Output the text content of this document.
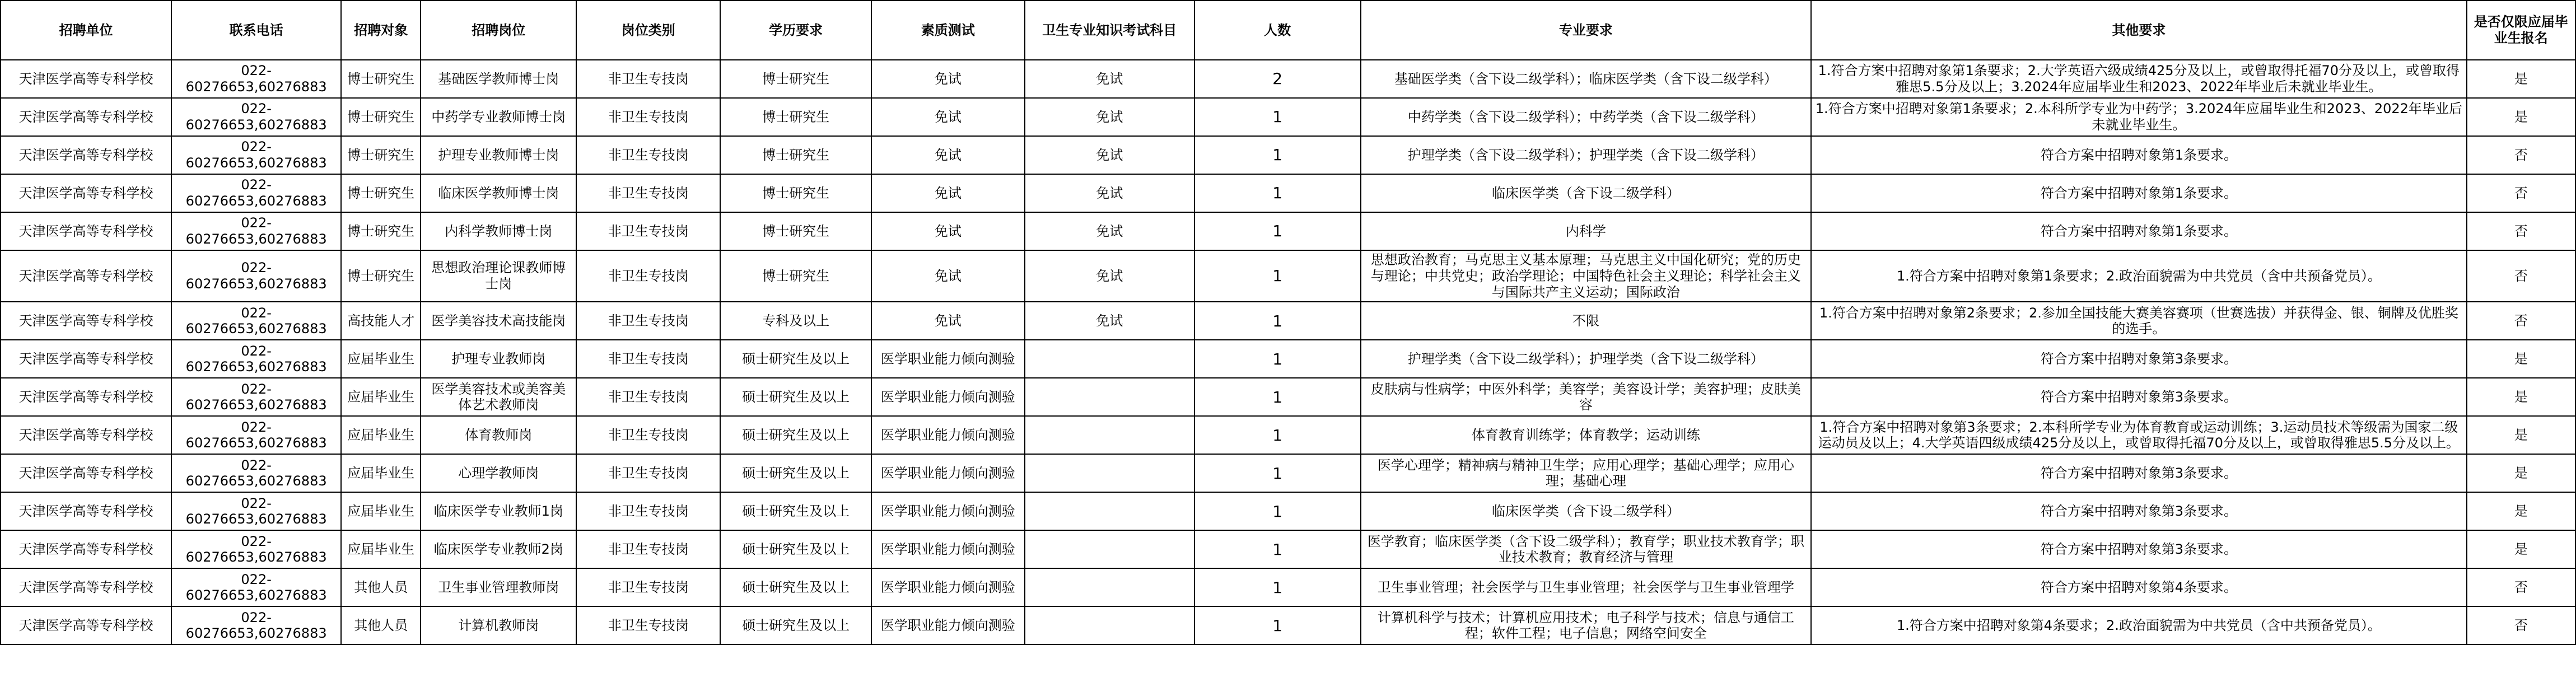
招聘单位	联系电话	招聘对象	招聘岗位	岗位类别	学历要求	素质测试	卫生专业知识考试科目	人数	专业要求	其他要求	是否仅限应届毕业生报名
天津医学高等专科学校	022-60276653,60276883	博士研究生	基础医学教师博士岗	非卫生专技岗	博士研究生	免试	免试	2	基础医学类（含下设二级学科）；临床医学类（含下设二级学科）	1.符合方案中招聘对象第1条要求；2.大学英语六级成绩425分及以上，或曾取得托福70分及以上，或曾取得雅思5.5分及以上；3.2024年应届毕业生和2023、2022年毕业后未就业毕业生。	是
天津医学高等专科学校	022-60276653,60276883	博士研究生	中药学专业教师博士岗	非卫生专技岗	博士研究生	免试	免试	1	中药学类（含下设二级学科）；中药学类（含下设二级学科）	1.符合方案中招聘对象第1条要求；2.本科所学专业为中药学；3.2024年应届毕业生和2023、2022年毕业后未就业毕业生。	是
天津医学高等专科学校	022-60276653,60276883	博士研究生	护理专业教师博士岗	非卫生专技岗	博士研究生	免试	免试	1	护理学类（含下设二级学科）；护理学类（含下设二级学科）	符合方案中招聘对象第1条要求。	否
天津医学高等专科学校	022-60276653,60276883	博士研究生	临床医学教师博士岗	非卫生专技岗	博士研究生	免试	免试	1	临床医学类（含下设二级学科）	符合方案中招聘对象第1条要求。	否
天津医学高等专科学校	022-60276653,60276883	博士研究生	内科学教师博士岗	非卫生专技岗	博士研究生	免试	免试	1	内科学	符合方案中招聘对象第1条要求。	否
天津医学高等专科学校	022-60276653,60276883	博士研究生	思想政治理论课教师博士岗	非卫生专技岗	博士研究生	免试	免试	1	思想政治教育；马克思主义基本原理；马克思主义中国化研究；党的历史与理论；中共党史；政治学理论；中国特色社会主义理论；科学社会主义与国际共产主义运动；国际政治	1.符合方案中招聘对象第1条要求；2.政治面貌需为中共党员（含中共预备党员）。	否
天津医学高等专科学校	022-60276653,60276883	高技能人才	医学美容技术高技能岗	非卫生专技岗	专科及以上	免试	免试	1	不限	1.符合方案中招聘对象第2条要求；2.参加全国技能大赛美容赛项（世赛选拔）并获得金、银、铜牌及优胜奖的选手。	否
天津医学高等专科学校	022-60276653,60276883	应届毕业生	护理专业教师岗	非卫生专技岗	硕士研究生及以上	医学职业能力倾向测验		1	护理学类（含下设二级学科）；护理学类（含下设二级学科）	符合方案中招聘对象第3条要求。	是
天津医学高等专科学校	022-60276653,60276883	应届毕业生	医学美容技术或美容美体艺术教师岗	非卫生专技岗	硕士研究生及以上	医学职业能力倾向测验		1	皮肤病与性病学；中医外科学；美容学；美容设计学；美容护理；皮肤美容	符合方案中招聘对象第3条要求。	是
天津医学高等专科学校	022-60276653,60276883	应届毕业生	体育教师岗	非卫生专技岗	硕士研究生及以上	医学职业能力倾向测验		1	体育教育训练学；体育教学；运动训练	1.符合方案中招聘对象第3条要求；2.本科所学专业为体育教育或运动训练；3.运动员技术等级需为国家二级运动员及以上；4.大学英语四级成绩425分及以上，或曾取得托福70分及以上，或曾取得雅思5.5分及以上。	是
天津医学高等专科学校	022-60276653,60276883	应届毕业生	心理学教师岗	非卫生专技岗	硕士研究生及以上	医学职业能力倾向测验		1	医学心理学；精神病与精神卫生学；应用心理学；基础心理学；应用心理；基础心理	符合方案中招聘对象第3条要求。	是
天津医学高等专科学校	022-60276653,60276883	应届毕业生	临床医学专业教师1岗	非卫生专技岗	硕士研究生及以上	医学职业能力倾向测验		1	临床医学类（含下设二级学科）	符合方案中招聘对象第3条要求。	是
天津医学高等专科学校	022-60276653,60276883	应届毕业生	临床医学专业教师2岗	非卫生专技岗	硕士研究生及以上	医学职业能力倾向测验		1	医学教育；临床医学类（含下设二级学科）；教育学；职业技术教育学；职业技术教育；教育经济与管理	符合方案中招聘对象第3条要求。	是
天津医学高等专科学校	022-60276653,60276883	其他人员	卫生事业管理教师岗	非卫生专技岗	硕士研究生及以上	医学职业能力倾向测验		1	卫生事业管理；社会医学与卫生事业管理；社会医学与卫生事业管理学	符合方案中招聘对象第4条要求。	否
天津医学高等专科学校	022-60276653,60276883	其他人员	计算机教师岗	非卫生专技岗	硕士研究生及以上	医学职业能力倾向测验		1	计算机科学与技术；计算机应用技术；电子科学与技术；信息与通信工程；软件工程；电子信息；网络空间安全	1.符合方案中招聘对象第4条要求；2.政治面貌需为中共党员（含中共预备党员）。	否
